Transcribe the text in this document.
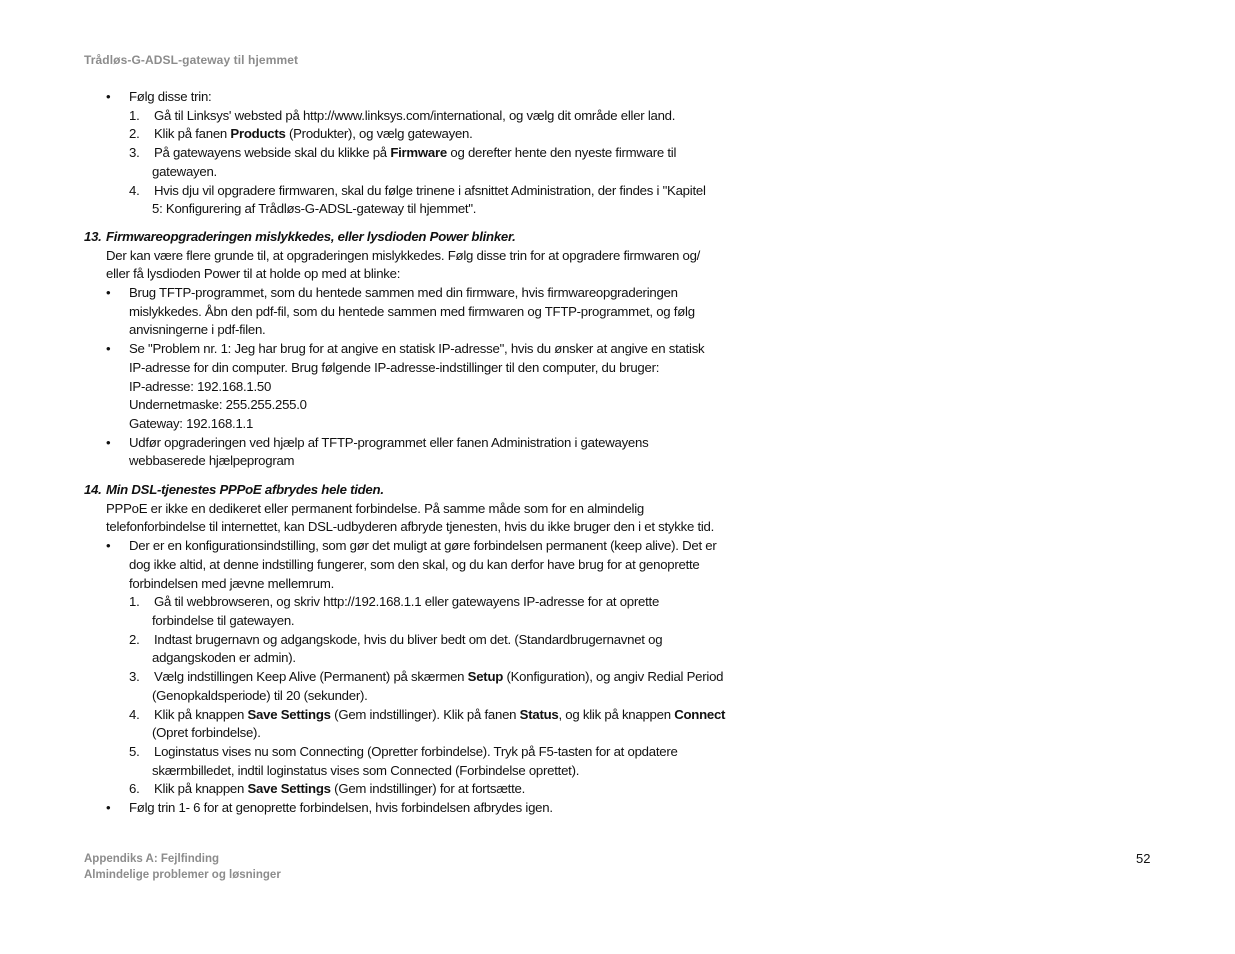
Trådløs-G-ADSL-gateway til hjemmet
• Følg disse trin:
1. Gå til Linksys' websted på http://www.linksys.com/international, og vælg dit område eller land.
2. Klik på fanen Products (Produkter), og vælg gatewayen.
3. På gatewayens webside skal du klikke på Firmware og derefter hente den nyeste firmware til
gatewayen.
4. Hvis dju vil opgradere firmwaren, skal du følge trinene i afsnittet Administration, der findes i "Kapitel
5: Konfigurering af Trådløs-G-ADSL-gateway til hjemmet".
13. Firmwareopgraderingen mislykkedes, eller lysdioden Power blinker.
Der kan være flere grunde til, at opgraderingen mislykkedes. Følg disse trin for at opgradere firmwaren og/
eller få lysdioden Power til at holde op med at blinke:
• Brug TFTP-programmet, som du hentede sammen med din firmware, hvis firmwareopgraderingen
mislykkedes. Åbn den pdf-fil, som du hentede sammen med firmwaren og TFTP-programmet, og følg
anvisningerne i pdf-filen.
• Se "Problem nr. 1: Jeg har brug for at angive en statisk IP-adresse", hvis du ønsker at angive en statisk
IP-adresse for din computer. Brug følgende IP-adresse-indstillinger til den computer, du bruger:
IP-adresse: 192.168.1.50
Undernetmaske: 255.255.255.0
Gateway: 192.168.1.1
• Udfør opgraderingen ved hjælp af TFTP-programmet eller fanen Administration i gatewayens
webbaserede hjælpeprogram
14. Min DSL-tjenestes PPPoE afbrydes hele tiden.
PPPoE er ikke en dedikeret eller permanent forbindelse. På samme måde som for en almindelig
telefonforbindelse til internettet, kan DSL-udbyderen afbryde tjenesten, hvis du ikke bruger den i et stykke tid.
• Der er en konfigurationsindstilling, som gør det muligt at gøre forbindelsen permanent (keep alive). Det er
dog ikke altid, at denne indstilling fungerer, som den skal, og du kan derfor have brug for at genoprette
forbindelsen med jævne mellemrum.
1. Gå til webbrowseren, og skriv http://192.168.1.1 eller gatewayens IP-adresse for at oprette
forbindelse til gatewayen.
2. Indtast brugernavn og adgangskode, hvis du bliver bedt om det. (Standardbrugernavnet og
adgangskoden er admin).
3. Vælg indstillingen Keep Alive (Permanent) på skærmen Setup (Konfiguration), og angiv Redial Period
(Genopkaldsperiode) til 20 (sekunder).
4. Klik på knappen Save Settings (Gem indstillinger). Klik på fanen Status, og klik på knappen Connect
(Opret forbindelse).
5. Loginstatus vises nu som Connecting (Opretter forbindelse). Tryk på F5-tasten for at opdatere
skærmbilledet, indtil loginstatus vises som Connected (Forbindelse oprettet).
6. Klik på knappen Save Settings (Gem indstillinger) for at fortsætte.
• Følg trin 1- 6 for at genoprette forbindelsen, hvis forbindelsen afbrydes igen.
Appendiks A: Fejlfinding
Almindelige problemer og løsninger
52
